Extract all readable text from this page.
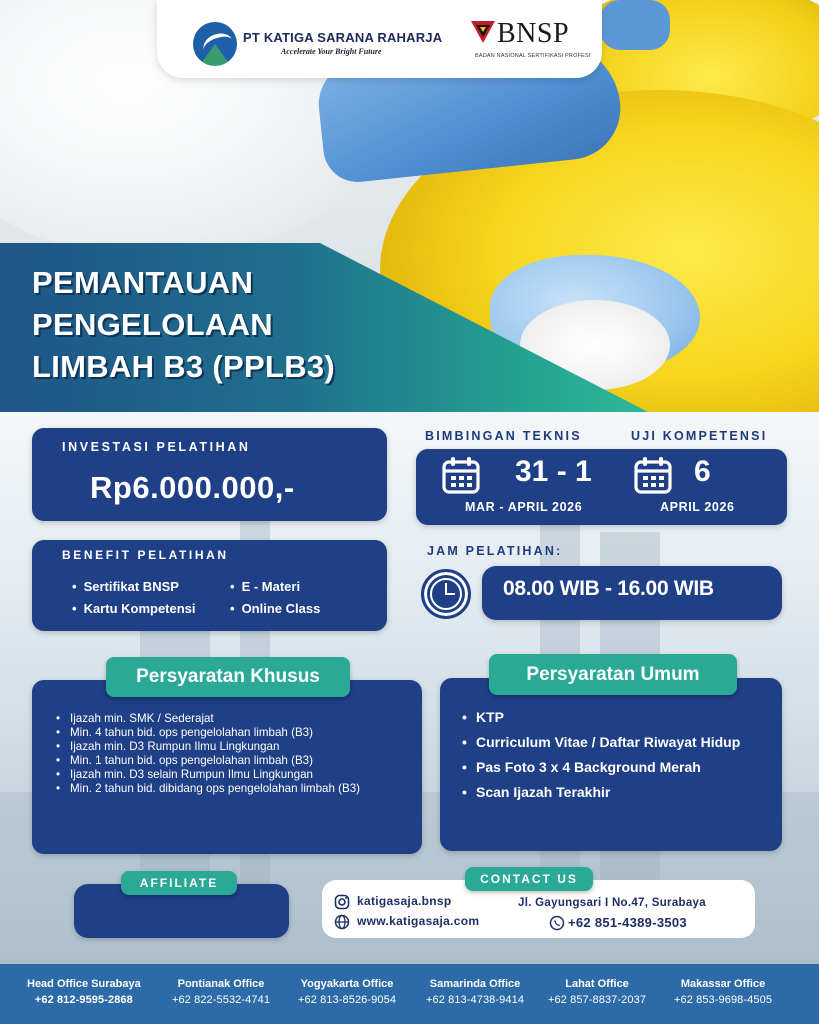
PT KATIGA SARANA RAHARJA
Accelerate Your Bright Future
BNSP
BADAN NASIONAL SERTIFIKASI PROFESI
PEMANTAUAN
PENGELOLAAN
LIMBAH B3 (PPLB3)
INVESTASI PELATIHAN
Rp6.000.000,-
BIMBINGAN TEKNIS	UJI KOMPETENSI
31 - 1
MAR - APRIL 2026
6
APRIL 2026
BENEFIT PELATIHAN
• Sertifikat BNSP
• Kartu Kompetensi
• E - Materi
• Online Class
JAM PELATIHAN:
08.00 WIB - 16.00 WIB
Persyaratan Khusus
• Ijazah min. SMK / Sederajat
• Min. 4 tahun bid. ops pengelolahan limbah (B3)
• Ijazah min. D3 Rumpun Ilmu Lingkungan
• Min. 1 tahun bid. ops pengelolahan limbah (B3)
• Ijazah min. D3 selain Rumpun Ilmu Lingkungan
• Min. 2 tahun bid. dibidang ops pengelolahan limbah (B3)
Persyaratan Umum
• KTP
• Curriculum Vitae / Daftar Riwayat Hidup
• Pas Foto 3 x 4 Background Merah
• Scan Ijazah Terakhir
AFFILIATE	CONTACT US
katigasaja.bnsp
www.katigasaja.com
Jl. Gayungsari I No.47, Surabaya
+62 851-4389-3503
Head Office Surabaya
+62 812-9595-2868
Pontianak Office
+62 822-5532-4741
Yogyakarta Office
+62 813-8526-9054
Samarinda Office
+62 813-4738-9414
Lahat Office
+62 857-8837-2037
Makassar Office
+62 853-9698-4505
